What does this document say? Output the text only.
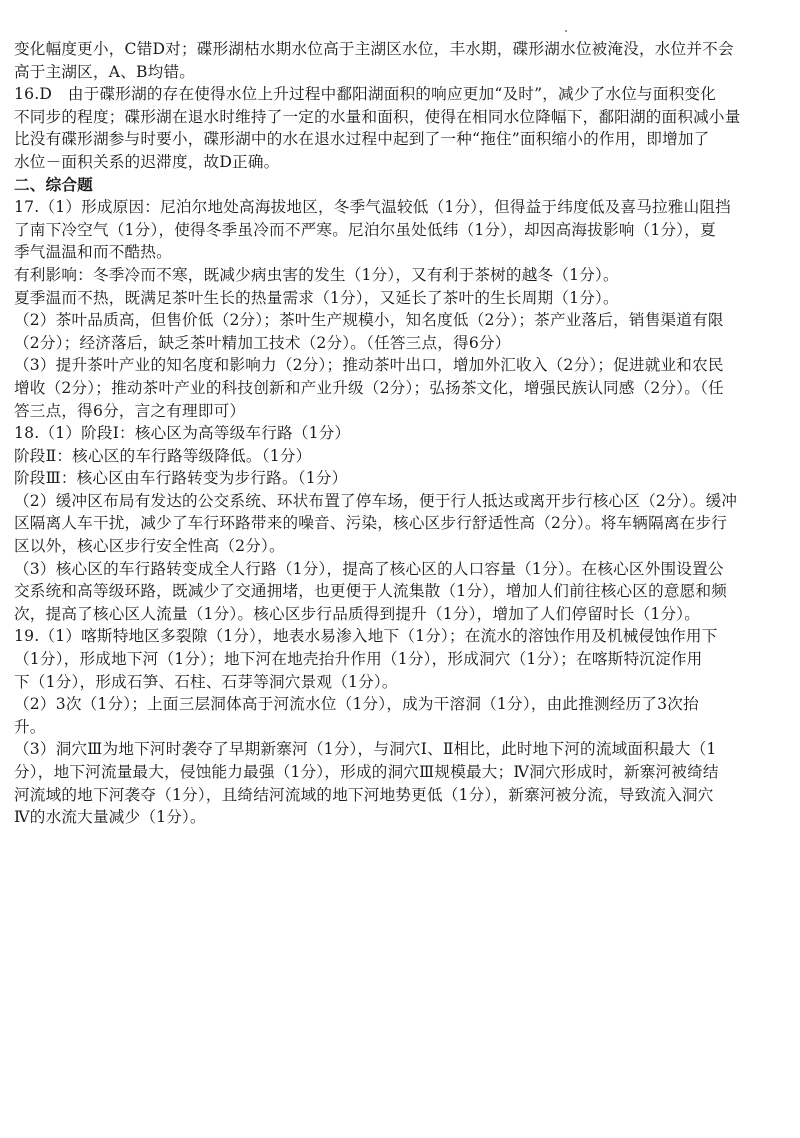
变化幅度更小，C错D对；碟形湖枯水期水位高于主湖区水位，丰水期，碟形湖水位被淹没，水位并不会
高于主湖区，A、B均错。
16.D　由于碟形湖的存在使得水位上升过程中鄱阳湖面积的响应更加“及时”，减少了水位与面积变化
不同步的程度；碟形湖在退水时维持了一定的水量和面积，使得在相同水位降幅下，鄱阳湖的面积减小量
比没有碟形湖参与时要小，碟形湖中的水在退水过程中起到了一种“拖住”面积缩小的作用，即增加了
水位－面积关系的迟滞度，故D正确。
二、综合题
17.（1）形成原因：尼泊尔地处高海拔地区，冬季气温较低（1分），但得益于纬度低及喜马拉雅山阻挡
了南下冷空气（1分），使得冬季虽冷而不严寒。尼泊尔虽处低纬（1分），却因高海拔影响（1分），夏
季气温温和而不酷热。
有利影响：冬季冷而不寒，既减少病虫害的发生（1分），又有利于茶树的越冬（1分）。
夏季温而不热，既满足茶叶生长的热量需求（1分），又延长了茶叶的生长周期（1分）。
（2）茶叶品质高，但售价低（2分）；茶叶生产规模小，知名度低（2分）；茶产业落后，销售渠道有限
（2分）；经济落后，缺乏茶叶精加工技术（2分）。（任答三点，得6分）
（3）提升茶叶产业的知名度和影响力（2分）；推动茶叶出口，增加外汇收入（2分）；促进就业和农民
增收（2分）；推动茶叶产业的科技创新和产业升级（2分）；弘扬茶文化，增强民族认同感（2分）。（任
答三点，得6分，言之有理即可）
18.（1）阶段Ⅰ：核心区为高等级车行路（1分）
阶段Ⅱ：核心区的车行路等级降低。（1分）
阶段Ⅲ：核心区由车行路转变为步行路。（1分）
（2）缓冲区布局有发达的公交系统、环状布置了停车场，便于行人抵达或离开步行核心区（2分）。缓冲
区隔离人车干扰，减少了车行环路带来的噪音、污染，核心区步行舒适性高（2分）。将车辆隔离在步行
区以外，核心区步行安全性高（2分）。
（3）核心区的车行路转变成全人行路（1分），提高了核心区的人口容量（1分）。在核心区外围设置公
交系统和高等级环路，既减少了交通拥堵，也更便于人流集散（1分），增加人们前往核心区的意愿和频
次，提高了核心区人流量（1分）。核心区步行品质得到提升（1分），增加了人们停留时长（1分）。
19.（1）喀斯特地区多裂隙（1分），地表水易渗入地下（1分）；在流水的溶蚀作用及机械侵蚀作用下
（1分），形成地下河（1分）；地下河在地壳抬升作用（1分），形成洞穴（1分）；在喀斯特沉淀作用
下（1分），形成石笋、石柱、石芽等洞穴景观（1分）。
（2）3次（1分）；上面三层洞体高于河流水位（1分），成为干溶洞（1分），由此推测经历了3次抬
升。
（3）洞穴Ⅲ为地下河时袭夺了早期新寨河（1分），与洞穴Ⅰ、Ⅱ相比，此时地下河的流域面积最大（1
分），地下河流量最大，侵蚀能力最强（1分），形成的洞穴Ⅲ规模最大；Ⅳ洞穴形成时，新寨河被绮结
河流域的地下河袭夺（1分），且绮结河流域的地下河地势更低（1分），新寨河被分流，导致流入洞穴
Ⅳ的水流大量减少（1分）。
